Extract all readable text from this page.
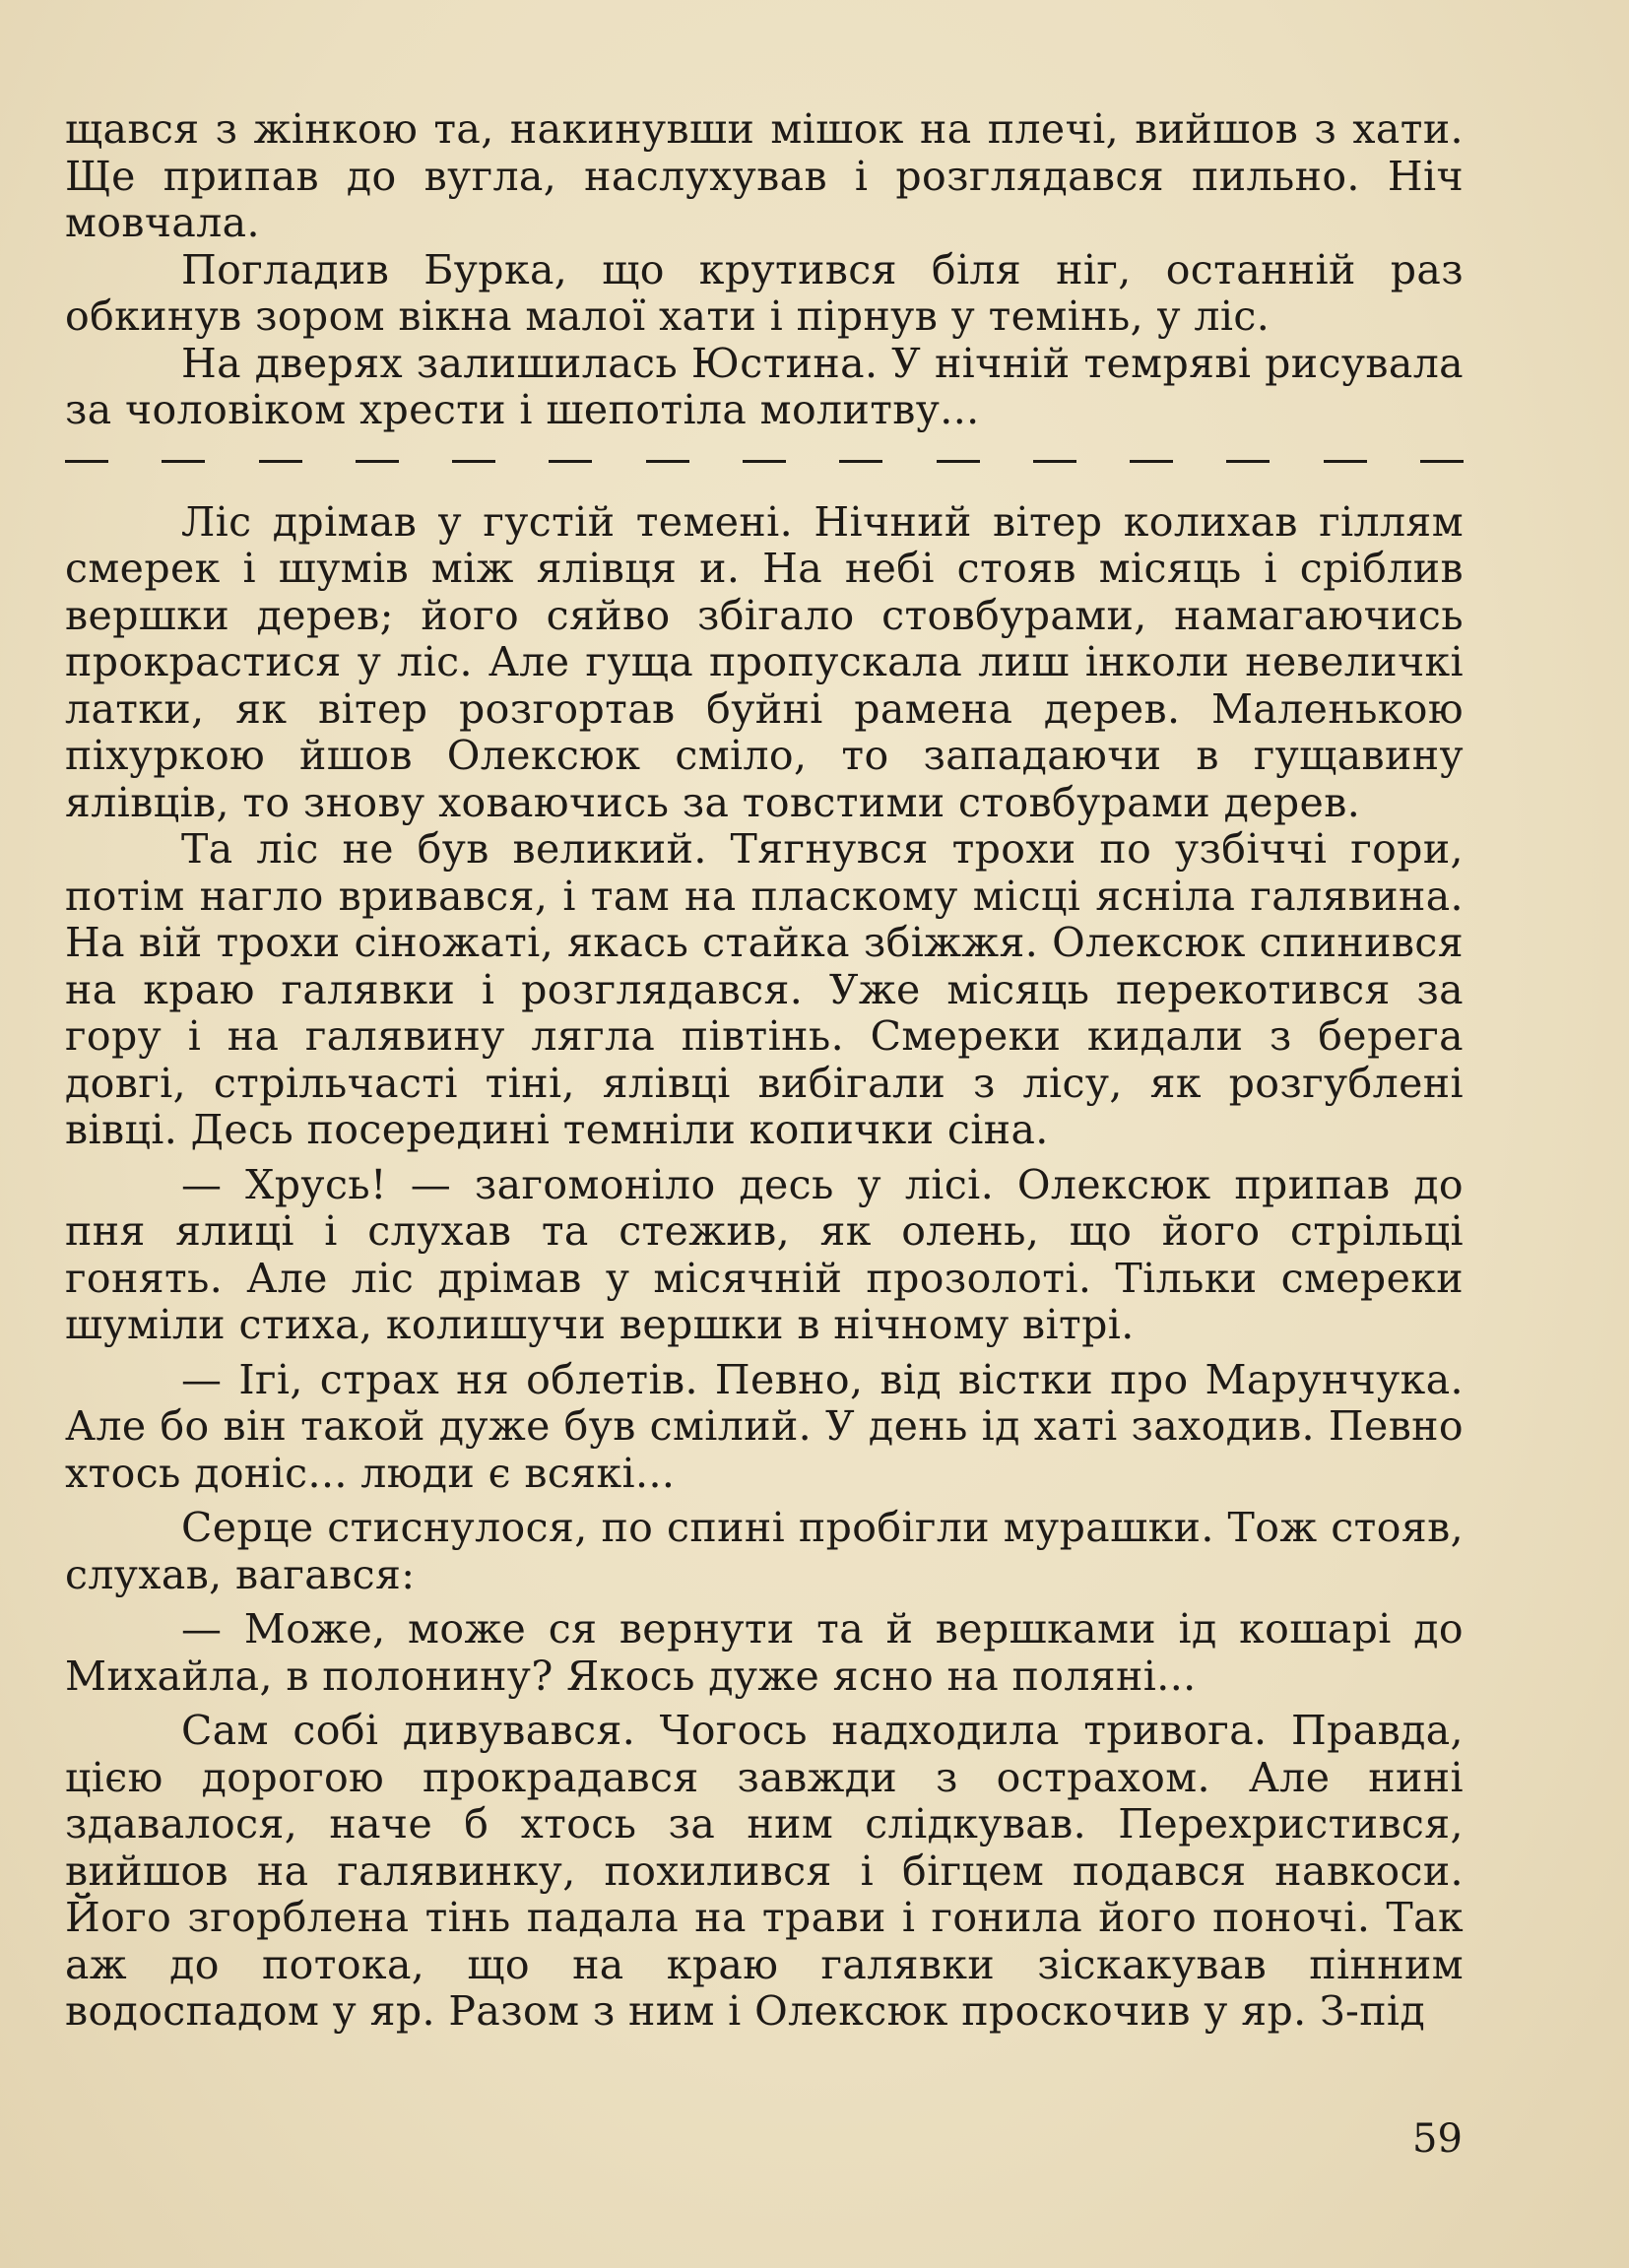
щався з жінкою та, накинувши мішок на плечі, вийшов з хати. Ще припав до вугла, наслухував і розглядався пильно. Ніч мовчала.

Погладив Бурка, що крутився біля ніг, останній раз обкинув зором вікна малої хати і пірнув у темінь, у ліс.

На дверях залишилась Юстина. У нічній темряві рисувала за чоловіком хрести і шепотіла молитву...

Ліс дрімав у густій темені. Нічний вітер колихав гіллям смерек і шумів між ялівця и. На небі стояв місяць і сріблив вершки дерев; його сяйво збігало стовбурами, намагаючись прокрастися у ліс. Але гуща пропускала лиш інколи невеличкі латки, як вітер розгортав буйні рамена дерев. Маленькою піхуркою йшов Олексюк сміло, то западаючи в гущавину ялівців, то знову ховаючись за товстими стовбурами дерев.

Та ліс не був великий. Тягнувся трохи по узбіччі гори, потім нагло вривався, і там на пласкому місці ясніла галявина. На вій трохи сіножаті, якась стайка збіжжя. Олексюк спинився на краю галявки і розглядався. Уже місяць перекотився за гору і на галявину лягла півтінь. Смереки кидали з берега довгі, стрільчасті тіні, ялівці вибігали з лісу, як розгублені вівці. Десь посередині темніли копички сіна.

— Хрусь! — загомоніло десь у лісі. Олексюк припав до пня ялиці і слухав та стежив, як олень, що його стрільці гонять. Але ліс дрімав у місячній прозолоті. Тільки смереки шуміли стиха, колишучи вершки в нічному вітрі.

— Ігі, страх ня облетів. Певно, від вістки про Марунчука. Але бо він такой дуже був смілий. У день ід хаті заходив. Певно хтось доніс... люди є всякі...

Серце стиснулося, по спині пробігли мурашки. Тож стояв, слухав, вагався:

— Може, може ся вернути та й вершками ід кошарі до Михайла, в полонину? Якось дуже ясно на поляні...

Сам собі дивувався. Чогось надходила тривога. Правда, цією дорогою прокрадався завжди з острахом. Але нині здавалося, наче б хтось за ним слідкував. Перехристився, вийшов на галявинку, похилився і бігцем подався навкоси. Його згорблена тінь падала на трави і гонила його поночі. Так аж до потока, що на краю галявки зіскакував пінним водоспадом у яр. Разом з ним і Олексюк проскочив у яр. З-під

59
